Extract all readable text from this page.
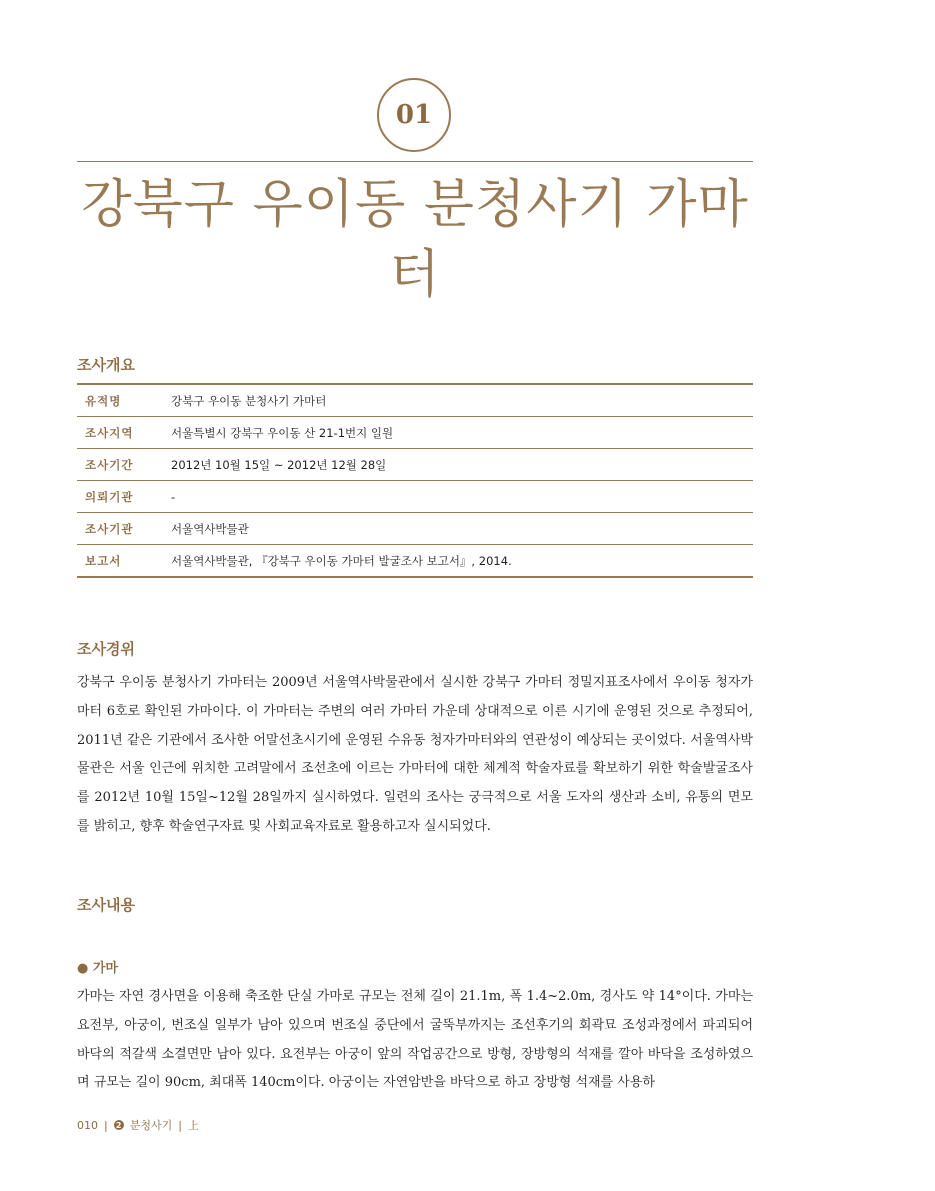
01
강북구 우이동 분청사기 가마터
조사개요
유적명	강북구 우이동 분청사기 가마터
조사지역	서울특별시 강북구 우이동 산 21-1번지 일원
조사기간	2012년 10월 15일 ~ 2012년 12월 28일
의뢰기관	-
조사기관	서울역사박물관
보고서	서울역사박물관, 『강북구 우이동 가마터 발굴조사 보고서』, 2014.
조사경위

강북구 우이동 분청사기 가마터는 2009년 서울역사박물관에서 실시한 강북구 가마터 정밀지표조사에서 우이동 청자가마터 6호로 확인된 가마이다. 이 가마터는 주변의 여러 가마터 가운데 상대적으로 이른 시기에 운영된 것으로 추정되어, 2011년 같은 기관에서 조사한 어말선초시기에 운영된 수유동 청자가마터와의 연관성이 예상되는 곳이었다. 서울역사박물관은 서울 인근에 위치한 고려말에서 조선초에 이르는 가마터에 대한 체계적 학술자료를 확보하기 위한 학술발굴조사를 2012년 10월 15일~12월 28일까지 실시하였다. 일련의 조사는 궁극적으로 서울 도자의 생산과 소비, 유통의 면모를 밝히고, 향후 학술연구자료 및 사회교육자료로 활용하고자 실시되었다.

조사내용
● 가마

가마는 자연 경사면을 이용해 축조한 단실 가마로 규모는 전체 길이 21.1m, 폭 1.4~2.0m, 경사도 약 14°이다. 가마는 요전부, 아궁이, 번조실 일부가 남아 있으며 번조실 중단에서 굴뚝부까지는 조선후기의 회곽묘 조성과정에서 파괴되어 바닥의 적갈색 소결면만 남아 있다. 요전부는 아궁이 앞의 작업공간으로 방형, 장방형의 석재를 깔아 바닥을 조성하였으며 규모는 길이 90cm, 최대폭 140cm이다. 아궁이는 자연암반을 바닥으로 하고 장방형 석재를 사용하

010 | 2 분청사기 | 上
